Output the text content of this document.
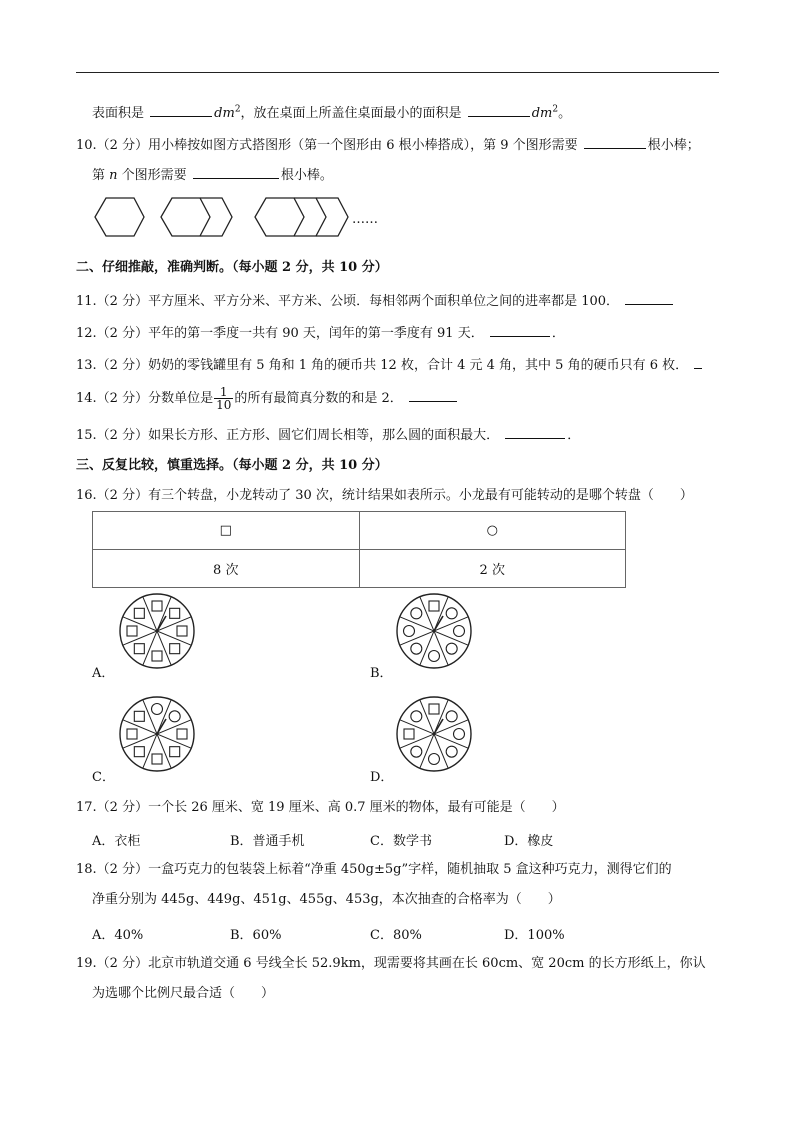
表面积是	$dm^2$，放在桌面上所盖住桌面最小的面积是	$dm^2$。
10.（2 分）用小棒按如图方式搭图形（第一个图形由 6 根小棒搭成），第 9 个图形需要	根小棒；
第 n 个图形需要	根小棒。
……
二、仔细推敲，准确判断。（每小题 2 分，共 10 分）
11.（2 分）平方厘米、平方分米、平方米、公顷．每相邻两个面积单位之间的进率都是 100．
12.（2 分）平年的第一季度一共有 90 天，闰年的第一季度有 91 天．	．
13.（2 分）奶奶的零钱罐里有 5 角和 1 角的硬币共 12 枚，合计 4 元 4 角，其中 5 角的硬币只有 6 枚．
14.（2 分）分数单位是 $\frac{1}{10}$ 的所有最简真分数的和是 2．
15.（2 分）如果长方形、正方形、圆它们周长相等，那么圆的面积最大．	．
三、反复比较，慎重选择。（每小题 2 分，共 10 分）
16.（2 分）有三个转盘，小龙转动了 30 次，统计结果如表所示。小龙最有可能转动的是哪个转盘（　　）
□	○
8 次	2 次
A．	B．
C．	D．
17.（2 分）一个长 26 厘米、宽 19 厘米、高 0.7 厘米的物体，最有可能是（　　）
A．衣柜	B．普通手机	C．数学书	D．橡皮
18.（2 分）一盒巧克力的包装袋上标着“净重 450g±5g”字样，随机抽取 5 盒这种巧克力，测得它们的
净重分别为 445g、449g、451g、455g、453g，本次抽查的合格率为（　　）
A．40%	B．60%	C．80%	D．100%
19.（2 分）北京市轨道交通 6 号线全长 52.9km，现需要将其画在长 60cm、宽 20cm 的长方形纸上，你认
为选哪个比例尺最合适（　　）
